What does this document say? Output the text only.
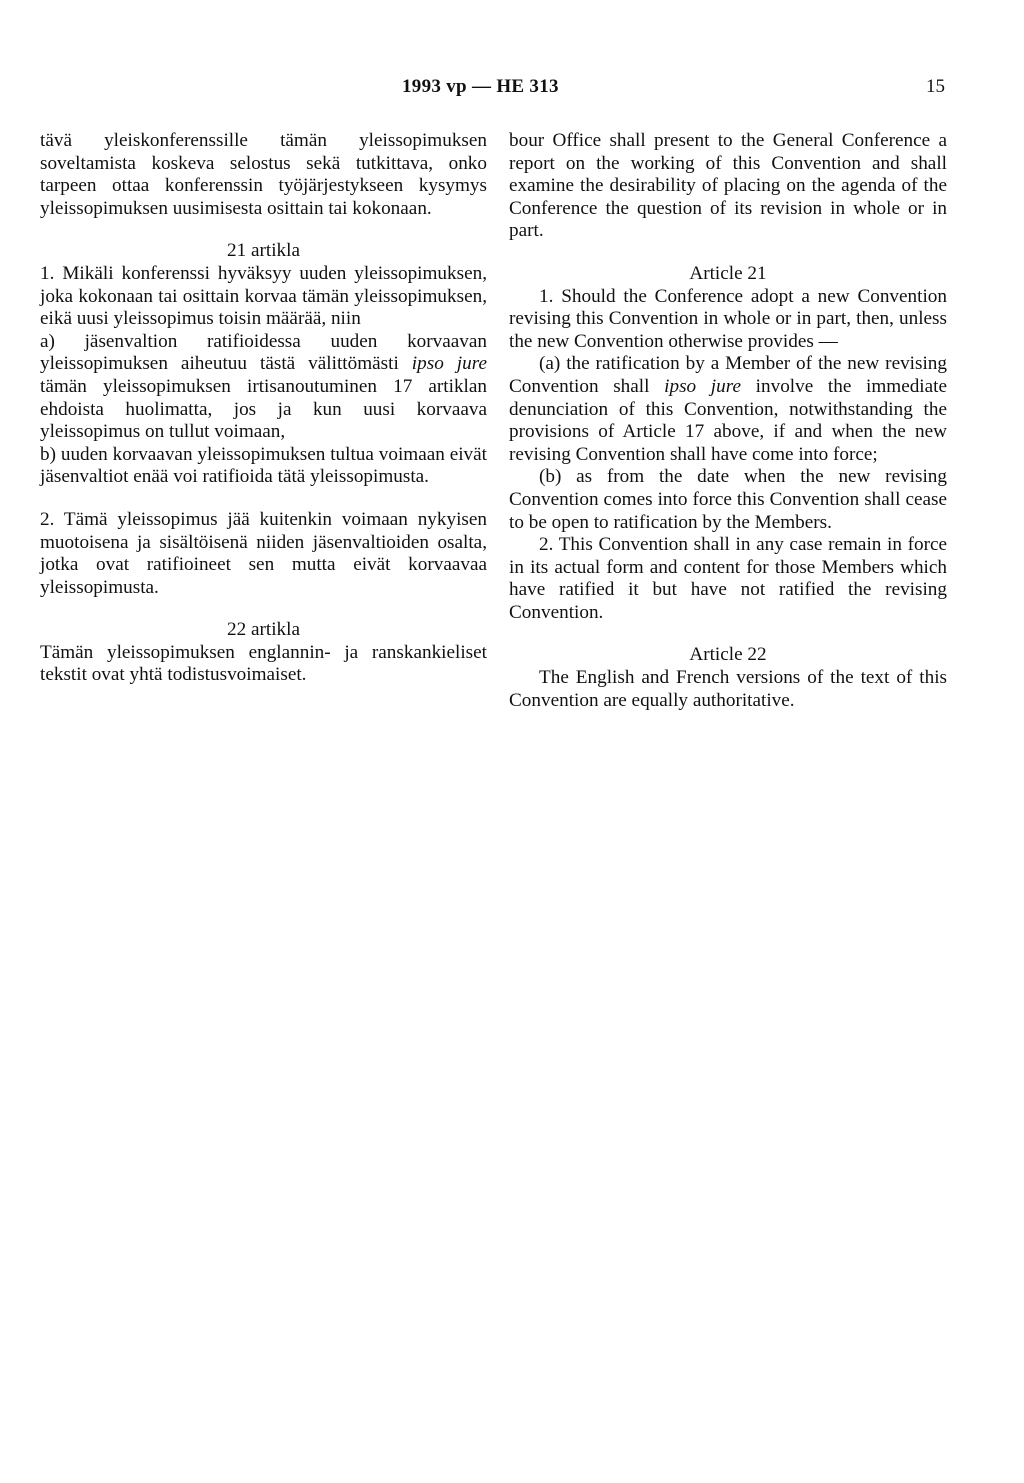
1993 vp — HE 313	15

tävä yleiskonferenssille tämän yleissopimuksen soveltamista koskeva selostus sekä tutkittava, onko tarpeen ottaa konferenssin työjärjestykseen kysymys yleissopimuksen uusimisesta osittain tai kokonaan.

21 artikla

1. Mikäli konferenssi hyväksyy uuden yleissopimuksen, joka kokonaan tai osittain korvaa tämän yleissopimuksen, eikä uusi yleissopimus toisin määrää, niin

a) jäsenvaltion ratifioidessa uuden korvaavan yleissopimuksen aiheutuu tästä välittömästi ipso jure tämän yleissopimuksen irtisanoutuminen 17 artiklan ehdoista huolimatta, jos ja kun uusi korvaava yleissopimus on tullut voimaan,

b) uuden korvaavan yleissopimuksen tultua voimaan eivät jäsenvaltiot enää voi ratifioida tätä yleissopimusta.

2. Tämä yleissopimus jää kuitenkin voimaan nykyisen muotoisena ja sisältöisenä niiden jäsenvaltioiden osalta, jotka ovat ratifioineet sen mutta eivät korvaavaa yleissopimusta.

22 artikla

Tämän yleissopimuksen englannin- ja ranskankieliset tekstit ovat yhtä todistusvoimaiset.

bour Office shall present to the General Conference a report on the working of this Convention and shall examine the desirability of placing on the agenda of the Conference the question of its revision in whole or in part.

Article 21

1. Should the Conference adopt a new Convention revising this Convention in whole or in part, then, unless the new Convention otherwise provides —

(a) the ratification by a Member of the new revising Convention shall ipso jure involve the immediate denunciation of this Convention, notwithstanding the provisions of Article 17 above, if and when the new revising Convention shall have come into force;

(b) as from the date when the new revising Convention comes into force this Convention shall cease to be open to ratification by the Members.

2. This Convention shall in any case remain in force in its actual form and content for those Members which have ratified it but have not ratified the revising Convention.

Article 22

The English and French versions of the text of this Convention are equally authoritative.
